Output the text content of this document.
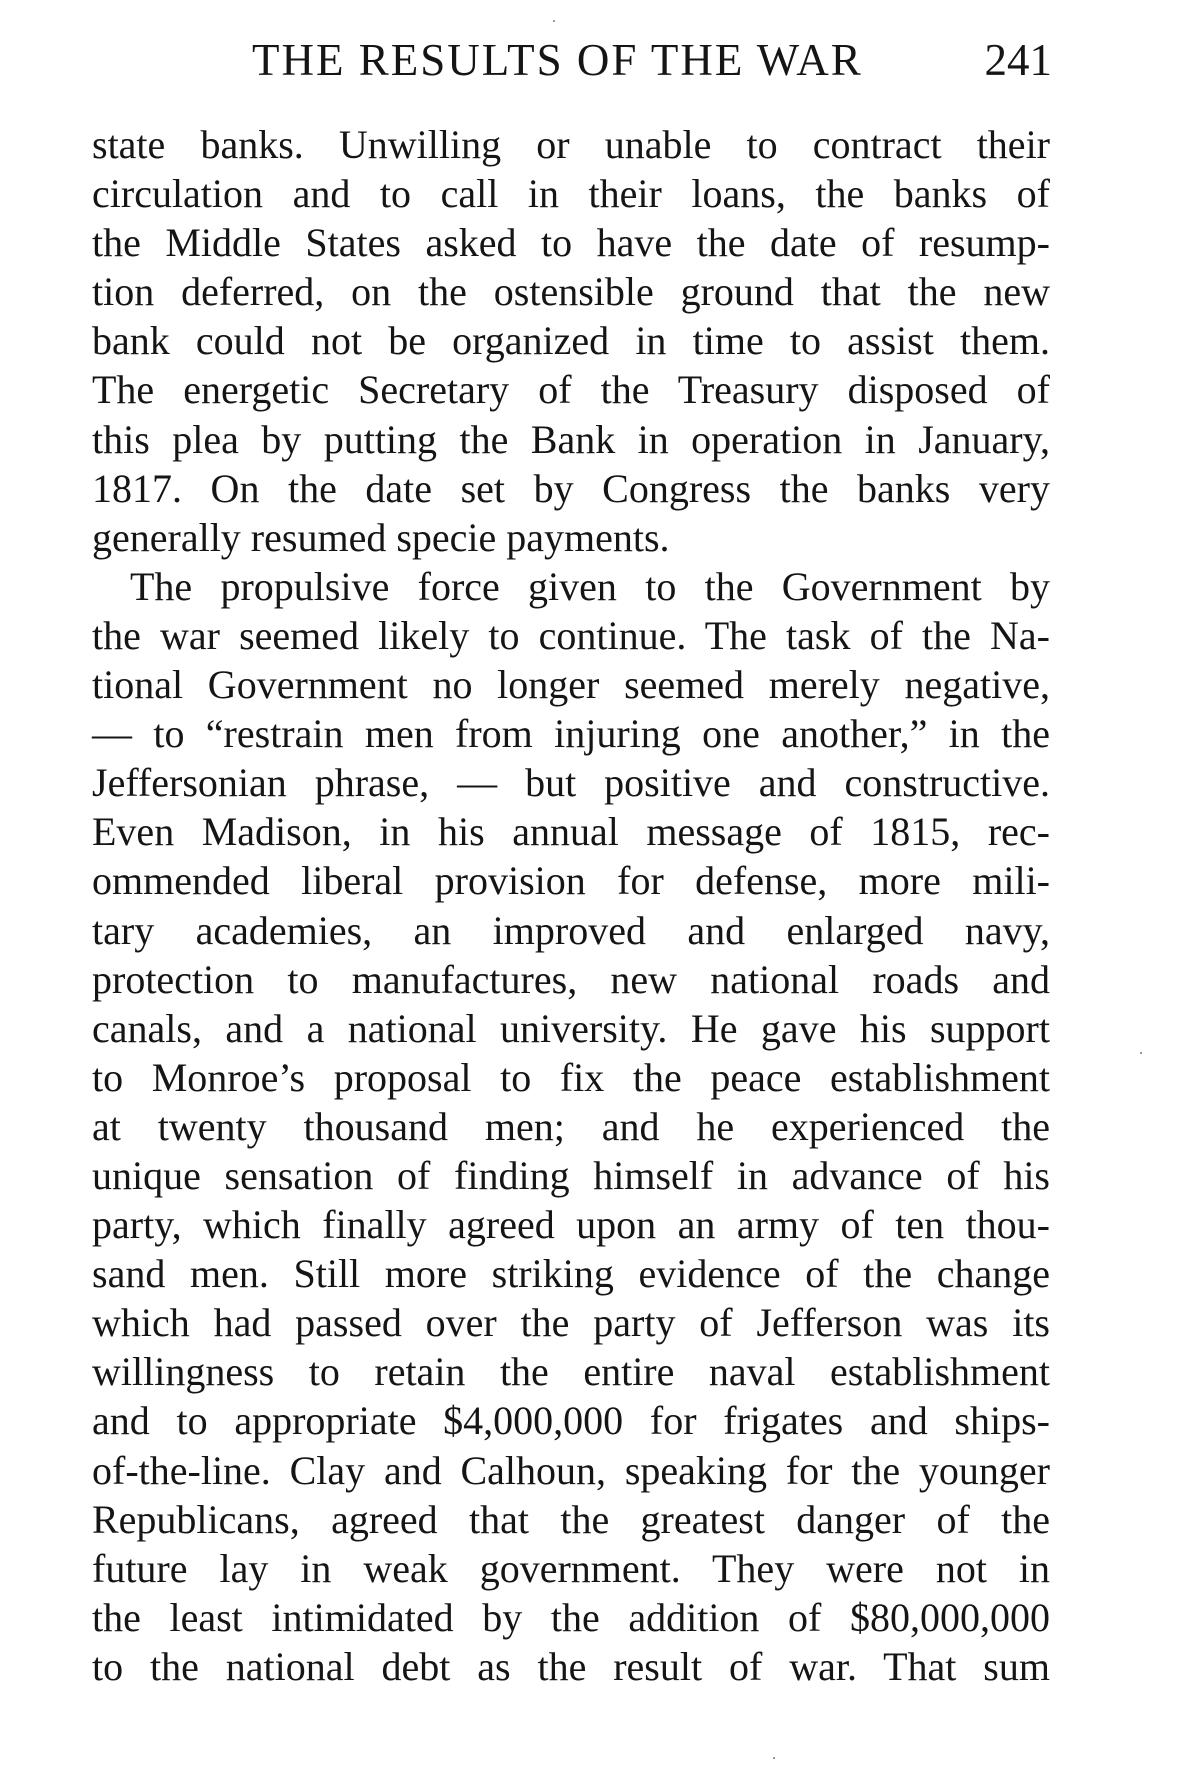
THE RESULTS OF THE WAR	241
state banks. Unwilling or unable to contract their
circulation and to call in their loans, the banks of
the Middle States asked to have the date of resump-
tion deferred, on the ostensible ground that the new
bank could not be organized in time to assist them.
The energetic Secretary of the Treasury disposed of
this plea by putting the Bank in operation in January,
1817. On the date set by Congress the banks very
generally resumed specie payments.
The propulsive force given to the Government by
the war seemed likely to continue. The task of the Na-
tional Government no longer seemed merely negative,
— to “restrain men from injuring one another,” in the
Jeffersonian phrase, — but positive and constructive.
Even Madison, in his annual message of 1815, rec-
ommended liberal provision for defense, more mili-
tary academies, an improved and enlarged navy,
protection to manufactures, new national roads and
canals, and a national university. He gave his support
to Monroe’s proposal to fix the peace establishment
at twenty thousand men; and he experienced the
unique sensation of finding himself in advance of his
party, which finally agreed upon an army of ten thou-
sand men. Still more striking evidence of the change
which had passed over the party of Jefferson was its
willingness to retain the entire naval establishment
and to appropriate $4,000,000 for frigates and ships-
of-the-line. Clay and Calhoun, speaking for the younger
Republicans, agreed that the greatest danger of the
future lay in weak government. They were not in
the least intimidated by the addition of $80,000,000
to the national debt as the result of war. That sum
